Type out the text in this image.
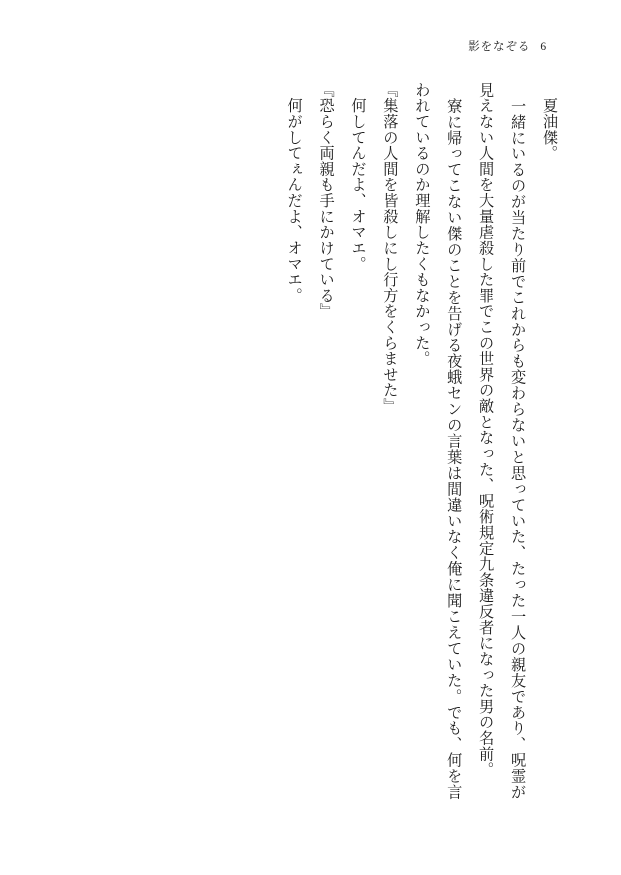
影をなぞる 6

　夏油傑。

　一緒にいるのが当たり前でこれからも変わらないと思っていた、たった一人の親友であり、呪霊が見えない人間を大量虐殺した罪でこの世界の敵となった、呪術規定九条違反者になった男の名前。

　寮に帰ってこない傑のことを告げる夜蛾センの言葉は間違いなく俺に聞こえていた。でも、何を言われているのか理解したくもなかった。

『集落の人間を皆殺しにし行方をくらませた』

　何してんだよ、オマエ。

『恐らく両親も手にかけている』

　何がしてぇんだよ、オマエ。
